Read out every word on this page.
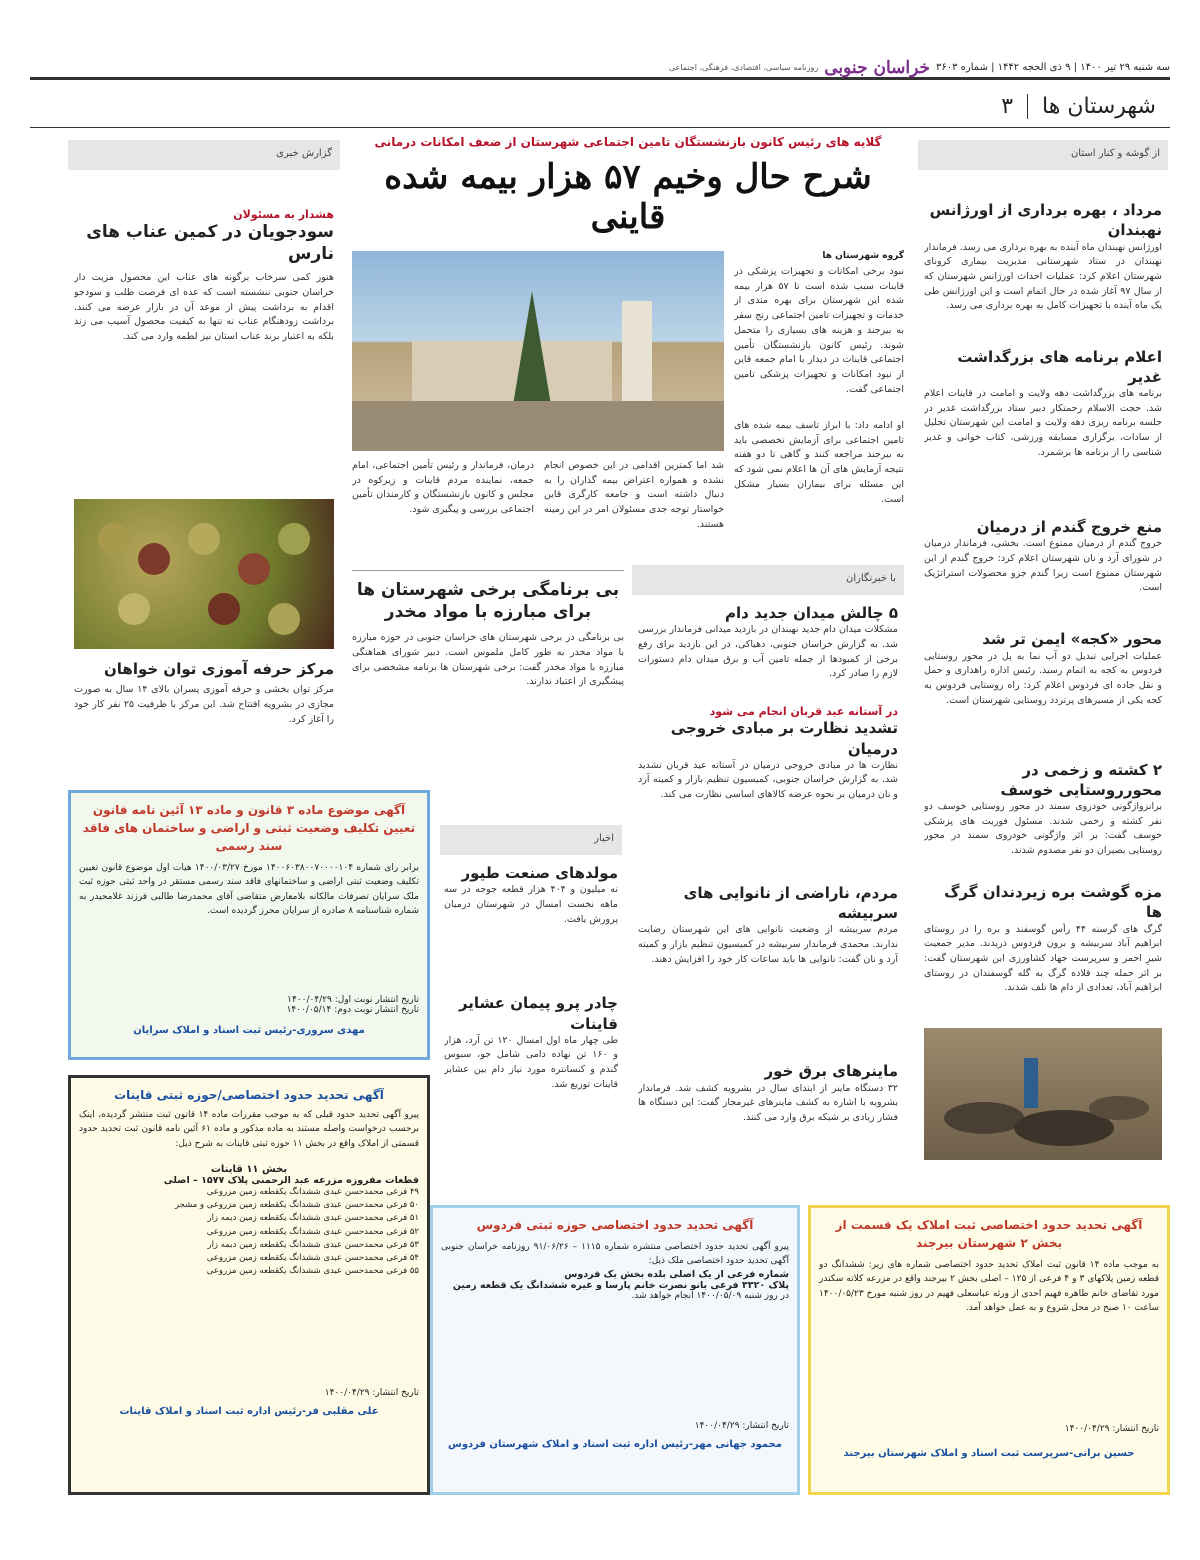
سه شنبه ۲۹ تیر ۱۴۰۰ | ۹ ذی الحجه ۱۴۴۲ | شماره ۳۶۰۳
خراسان جنوبی
روزنامه سیاسی، اقتصادی، فرهنگی، اجتماعی
شهرستان ها
۳
از گوشه و کنار استان
مرداد ، بهره برداری از اورژانس نهبندان

اورژانس نهبندان ماه آینده به بهره برداری می رسد. فرماندار نهبندان در ستاد شهرستانی مدیریت بیماری کرونای شهرستان اعلام کرد: عملیات احداث اورژانس شهرستان که از سال ۹۷ آغاز شده در حال اتمام است و این اورژانس طی یک ماه آینده با تجهیزات کامل به بهره برداری می رسد.

اعلام برنامه های بزرگداشت غدیر

برنامه های بزرگداشت دهه ولایت و امامت در قاینات اعلام شد. حجت الاسلام رحمتکار دبیر ستاد بزرگداشت غدیر در جلسه برنامه ریزی دهه ولایت و امامت این شهرستان تجلیل از سادات، برگزاری مسابقه ورزشی، کتاب خوانی و غدیر شناسی را از برنامه ها برشمرد.

منع خروج گندم از درمیان

خروج گندم از درمیان ممنوع است. بخشی، فرماندار درمیان در شورای آرد و نان شهرستان اعلام کرد: خروج گندم از این شهرستان ممنوع است زیرا گندم جزو محصولات استراتژیک است.

محور «کجه» ایمن تر شد

عملیات اجرایی تبدیل دو آب نما به پل در محور روستایی فردوس به کجه به اتمام رسید. رئیس اداره راهداری و حمل و نقل جاده ای فردوس اعلام کرد: راه روستایی فردوس به کجه یکی از مسیرهای پرتردد روستایی شهرستان است.

۲ کشته و زخمی در محورروستایی خوسف

برانزواژگونی خودروی سمند در محور روستایی خوسف دو نفر کشته و زخمی شدند. مسئول فوریت های پزشکی خوسف گفت: بر اثر واژگونی خودروی سمند در محور روستایی بصیران دو نفر مصدوم شدند.

مزه گوشت بره زیردندان گرگ ها

گرگ های گرسنه ۴۴ رأس گوسفند و بره را در روستای ابراهیم آباد سربیشه و برون فردوس دریدند. مدیر جمعیت شیرِ احمر و سرپرست جهاد کشاورزی این شهرستان گفت: بر اثر حمله چند قلاده گرگ به گله گوسفندان در روستای ابراهیم آباد، تعدادی از دام ها تلف شدند.

گلایه های رئیس کانون بازنشستگان تامین اجتماعی شهرستان از ضعف امکانات درمانی
شرح حال وخیم ۵۷ هزار بیمه شده قاینی
گروه شهرستان ها

نبود برخی امکانات و تجهیزات پزشکی در قاینات سبب شده است تا ۵۷ هزار بیمه شده این شهرستان برای بهره مندی از خدمات و تجهیزات تامین اجتماعی رنج سفر به بیرجند و هزینه های بسیاری را متحمل شوند. رئیس کانون بازنشستگان تأمین اجتماعی قاینات در دیدار با امام جمعه قاین از نبود امکانات و تجهیزات پزشکی تامین اجتماعی گفت.

او ادامه داد: با ابراز تاسف بیمه شده های تامین اجتماعی برای آزمایش تخصصی باید به بیرجند مراجعه کنند و گاهی تا دو هفته نتیجه آزمایش های آن ها اعلام نمی شود که این مسئله برای بیماران بسیار مشکل است.

شد اما کمترین اقدامی در این خصوص انجام نشده و همواره اعتراض بیمه گذاران را به دنبال داشته است و جامعه کارگری قاین خواستار توجه جدی مسئولان امر در این زمینه هستند.

درمان، فرماندار و رئیس تأمین اجتماعی، امام جمعه، نماینده مردم قاینات و زیرکوه در مجلس و کانون بازنشستگان و کارمندان تأمین اجتماعی بررسی و پیگیری شود.

گزارش خبری
هشدار به مسئولان
سودجویان در کمین عناب های نارس

هنوز کمی سرخاب برگونه های عناب این محصول مزیت دار خراسان جنوبی ننشسته است که عده ای فرصت طلب و سودجو اقدام به برداشت پیش از موعد آن در بازار عرضه می کنند. برداشت زودهنگام عناب نه تنها به کیفیت محصول آسیب می زند بلکه به اعتبار برند عناب استان نیز لطمه وارد می کند.

مرکز حرفه آموزی توان خواهان

مرکز توان بخشی و حرفه آموزی پسران بالای ۱۴ سال به صورت مجازی در بشرویه افتتاح شد. این مرکز با ظرفیت ۲۵ نفر کار خود را آغاز کرد.

بی برنامگی برخی شهرستان ها برای مبارزه با مواد مخدر

بی برنامگی در برخی شهرستان های خراسان جنوبی در حوزه مبارزه با مواد مخدر به طور کامل ملموس است. دبیر شورای هماهنگی مبارزه با مواد مخدر گفت: برخی شهرستان ها برنامه مشخصی برای پیشگیری از اعتیاد ندارند.

با خبرنگاران
۵ چالش میدان جدید دام

مشکلات میدان دام جدید نهبندان در بازدید میدانی فرماندار بررسی شد. به گزارش خراسان جنوبی، دهیاکی، در این بازدید برای رفع برخی از کمبودها از جمله تامین آب و برق میدان دام دستورات لازم را صادر کرد.

در آستانه عید قربان انجام می شود
تشدید نظارت بر مبادی خروجی درمیان

نظارت ها در مبادی خروجی درمیان در آستانه عید قربان تشدید شد. به گزارش خراسان جنوبی، کمیسیون تنظیم بازار و کمیته آرد و نان درمیان بر نحوه عرضه کالاهای اساسی نظارت می کند.

مردم، ناراضی از نانوایی های سربیشه

مردم سربیشه از وضعیت نانوایی های این شهرستان رضایت ندارند. محمدی فرماندار سربیشه در کمیسیون تنظیم بازار و کمیته آرد و نان گفت: نانوایی ها باید ساعات کار خود را افزایش دهند.

ماینرهای برق خور

۳۲ دستگاه ماینر از ابتدای سال در بشرویه کشف شد. فرماندار بشرویه با اشاره به کشف ماینرهای غیرمجاز گفت: این دستگاه ها فشار زیادی بر شبکه برق وارد می کنند.

اخبار
مولدهای صنعت طیور

نه میلیون و ۴۰۴ هزار قطعه جوجه در سه ماهه نخست امسال در شهرستان درمیان پرورش یافت.

چادر پرو پیمان عشایر قاینات

طی چهار ماه اول امسال ۱۲۰ تن آرد، هزار و ۱۶۰ تن نهاده دامی شامل جو، سبوس گندم و کنسانتره مورد نیاز دام بین عشایر قاینات توزیع شد.

آگهی موضوع ماده ۳ قانون و ماده ۱۳ آئین نامه قانون تعیین تکلیف وضعیت ثبتی و اراضی و ساختمان های فاقد سند رسمی

برابر رای شماره ۱۴۰۰۶۰۳۸۰۰۷۰۰۰۰۱۰۴ مورخ ۱۴۰۰/۰۳/۲۷ هیات اول موضوع قانون تعیین تکلیف وضعیت ثبتی اراضی و ساختمانهای فاقد سند رسمی مستقر در واحد ثبتی حوزه ثبت ملک سرایان تصرفات مالکانه بلامعارض متقاضی آقای محمدرضا طالبی فرزند غلامحیدر به شماره شناسنامه ۸ صادره از سرایان محرز گردیده است.

تاریخ انتشار نوبت اول: ۱۴۰۰/۰۴/۲۹
تاریخ انتشار نوبت دوم: ۱۴۰۰/۰۵/۱۴
مهدی سروری-رئیس ثبت اسناد و املاک سرایان
آگهی تحدید حدود اختصاصی/حوزه ثبتی قاینات

پیرو آگهی تحدید حدود قبلی که به موجب مقررات ماده ۱۴ قانون ثبت منتشر گردیده، اینک برحسب درخواست واصله مستند به ماده مذکور و ماده ۶۱ آئین نامه قانون ثبت تحدید حدود قسمتی از املاک واقع در بخش ۱۱ حوزه ثبتی قاینات به شرح ذیل:

بخش ۱۱ قاینات
قطعات مفروزه مزرعه عبد الرحمنی پلاک ۱۵۷۷ – اصلی
۴۹ فرعی محمدحسن عبدی ششدانگ یکقطعه زمین مزروعی
۵۰ فرعی محمدحسن عبدی ششدانگ یکقطعه زمین مزروعی و مشجر
۵۱ فرعی محمدحسن عبدی ششدانگ یکقطعه زمین دیمه زار
۵۲ فرعی محمدحسن عبدی ششدانگ یکقطعه زمین مزروعی
۵۳ فرعی محمدحسن عبدی ششدانگ یکقطعه زمین دیمه زار
۵۴ فرعی محمدحسن عبدی ششدانگ یکقطعه زمین مزروعی
۵۵ فرعی محمدحسن عبدی ششدانگ یکقطعه زمین مزروعی
تاریخ انتشار: ۱۴۰۰/۰۴/۲۹
علی مقلبی فر-رئیس اداره ثبت اسناد و املاک قاینات
آگهی تحدید حدود اختصاصی حوزه ثبتی فردوس

پیرو آگهی تحدید حدود اختصاصی منتشره شماره ۱۱۱۵ – ۹۱/۰۶/۲۶ روزنامه خراسان جنوبی آگهی تحدید حدود اختصاصی ملک ذیل:

شماره فرعی از یک اصلی بلده بخش یک فردوس
پلاک ۳۳۲۰ فرعی بانو نصرت خانم پارسا و غیره ششدانگ یک قطعه زمین
در روز شنبه ۱۴۰۰/۰۵/۰۹ انجام خواهد شد.
تاریخ انتشار: ۱۴۰۰/۰۴/۲۹
محمود جهانی مهر-رئیس اداره ثبت اسناد و املاک شهرستان فردوس
آگهی تحدید حدود اختصاصی ثبت املاک یک قسمت از بخش ۲ شهرستان بیرجند

به موجب ماده ۱۴ قانون ثبت املاک تحدید حدود اختصاصی شماره های زیر: ششدانگ دو قطعه زمین پلاکهای ۳ و ۴ فرعی از ۱۲۵ – اصلی بخش ۲ بیرجند واقع در مزرعه کلاته سکندر مورد تقاضای خانم طاهره فهیم احدی از ورثه عباسعلی فهیم در روز شنبه مورخ ۱۴۰۰/۰۵/۲۳ ساعت ۱۰ صبح در محل شروع و به عمل خواهد آمد.

تاریخ انتشار: ۱۴۰۰/۰۴/۲۹
حسین براتی-سرپرست ثبت اسناد و املاک شهرستان بیرجند
